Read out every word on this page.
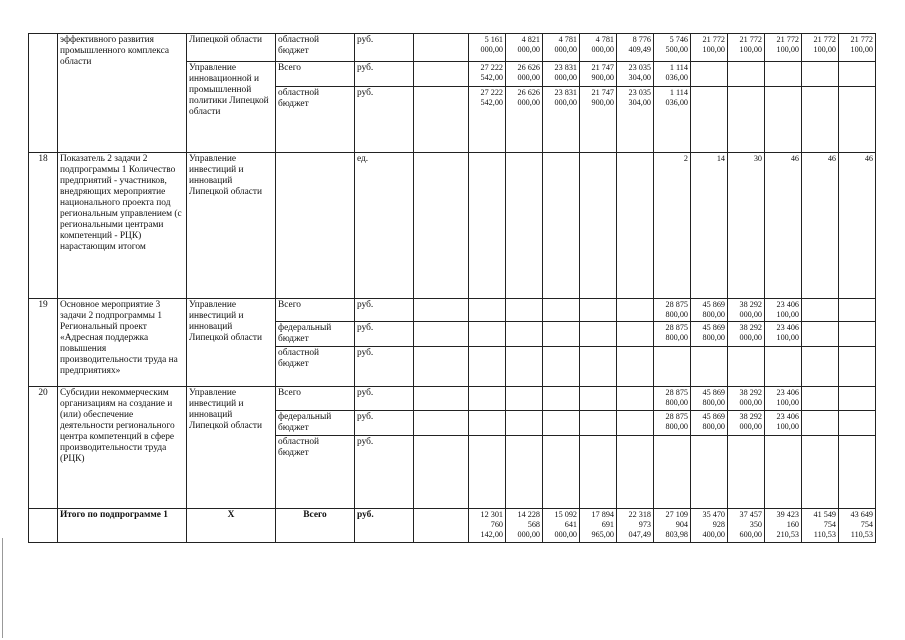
	эффективного развития промышленного комплекса области	Липецкой области	областной бюджет	руб.		5 161 000,00	4 821 000,00	4 781 000,00	4 781 000,00	8 776 409,49	5 746 500,00	21 772 100,00	21 772 100,00	21 772 100,00	21 772 100,00	21 772 100,00
		Управление инновационной и промышленной политики Липецкой области	Всего	руб.		27 222 542,00	26 626 000,00	23 831 000,00	21 747 900,00	23 035 304,00	1 114 036,00					
			областной бюджет	руб.		27 222 542,00	26 626 000,00	23 831 000,00	21 747 900,00	23 035 304,00	1 114 036,00					
18	Показатель 2 задачи 2 подпрограммы 1 Количество предприятий - участников, внедряющих мероприятие национального проекта под региональным управлением (с региональными центрами компетенций - РЦК) нарастающим итогом	Управление инвестиций и инноваций Липецкой области		ед.							2	14	30	46	46	46
19	Основное мероприятие 3 задачи 2 подпрограммы 1 Региональный проект «Адресная поддержка повышения производительности труда на предприятиях»	Управление инвестиций и инноваций Липецкой области	Всего	руб.							28 875 800,00	45 869 800,00	38 292 000,00	23 406 100,00		
			федеральный бюджет	руб.							28 875 800,00	45 869 800,00	38 292 000,00	23 406 100,00		
			областной бюджет	руб.												
20	Субсидии некоммерческим организациям на создание и (или) обеспечение деятельности регионального центра компетенций в сфере производительности труда (РЦК)	Управление инвестиций и инноваций Липецкой области	Всего	руб.							28 875 800,00	45 869 800,00	38 292 000,00	23 406 100,00		
			федеральный бюджет	руб.							28 875 800,00	45 869 800,00	38 292 000,00	23 406 100,00		
			областной бюджет	руб.												
	Итого по подпрограмме 1	X	Всего	руб.		12 301 760 142,00	14 228 568 000,00	15 092 641 000,00	17 894 691 965,00	22 318 973 047,49	27 109 904 803,98	35 470 928 400,00	37 457 350 600,00	39 423 160 210,53	41 549 754 110,53	43 649 754 110,53
